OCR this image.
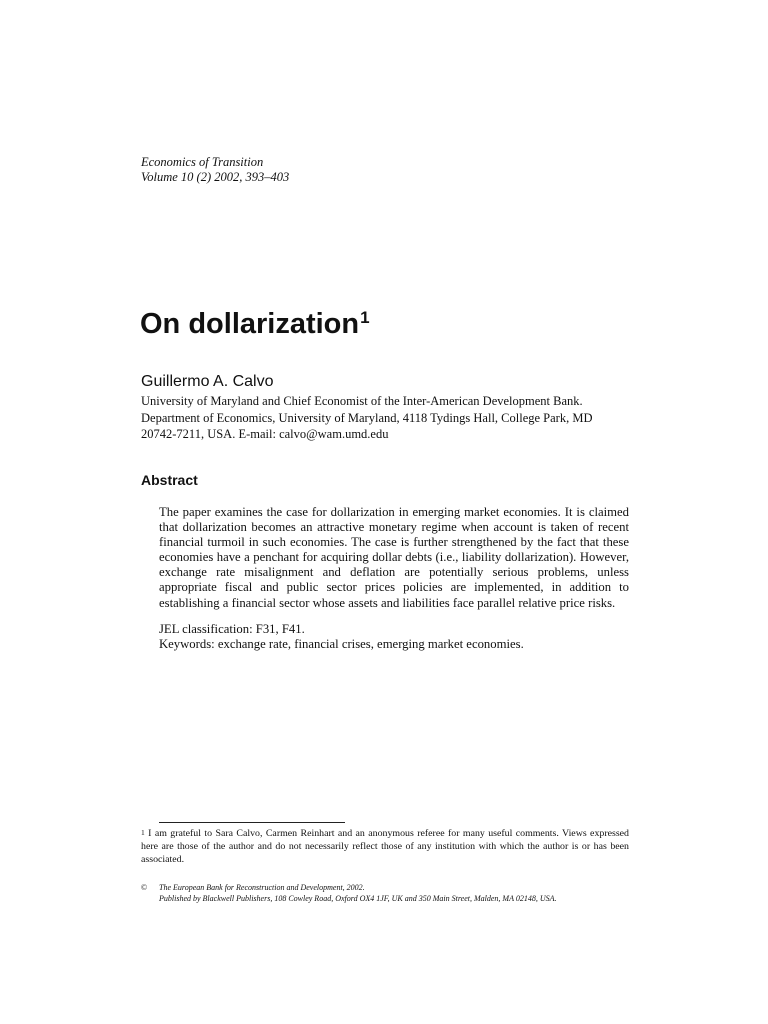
Economics of Transition
Volume 10 (2) 2002, 393–403
On dollarization$^1$
Guillermo A. Calvo
University of Maryland and Chief Economist of the Inter-American Development Bank.
Department of Economics, University of Maryland, 4118 Tydings Hall, College Park, MD
20742-7211, USA. E-mail: calvo@wam.umd.edu
Abstract

The paper examines the case for dollarization in emerging market economies. It is claimed that dollarization becomes an attractive monetary regime when account is taken of recent financial turmoil in such economies. The case is further strengthened by the fact that these economies have a penchant for acquiring dollar debts (i.e., liability dollarization). However, exchange rate misalignment and deflation are potentially serious problems, unless appropriate fiscal and public sector prices policies are implemented, in addition to establishing a financial sector whose assets and liabilities face parallel relative price risks.

JEL classification: F31, F41.
Keywords: exchange rate, financial crises, emerging market economies.
$^1$ I am grateful to Sara Calvo, Carmen Reinhart and an anonymous referee for many useful comments. Views expressed here are those of the author and do not necessarily reflect those of any institution with which the author is or has been associated.
© The European Bank for Reconstruction and Development, 2002.
Published by Blackwell Publishers, 108 Cowley Road, Oxford OX4 1JF, UK and 350 Main Street, Malden, MA 02148, USA.
